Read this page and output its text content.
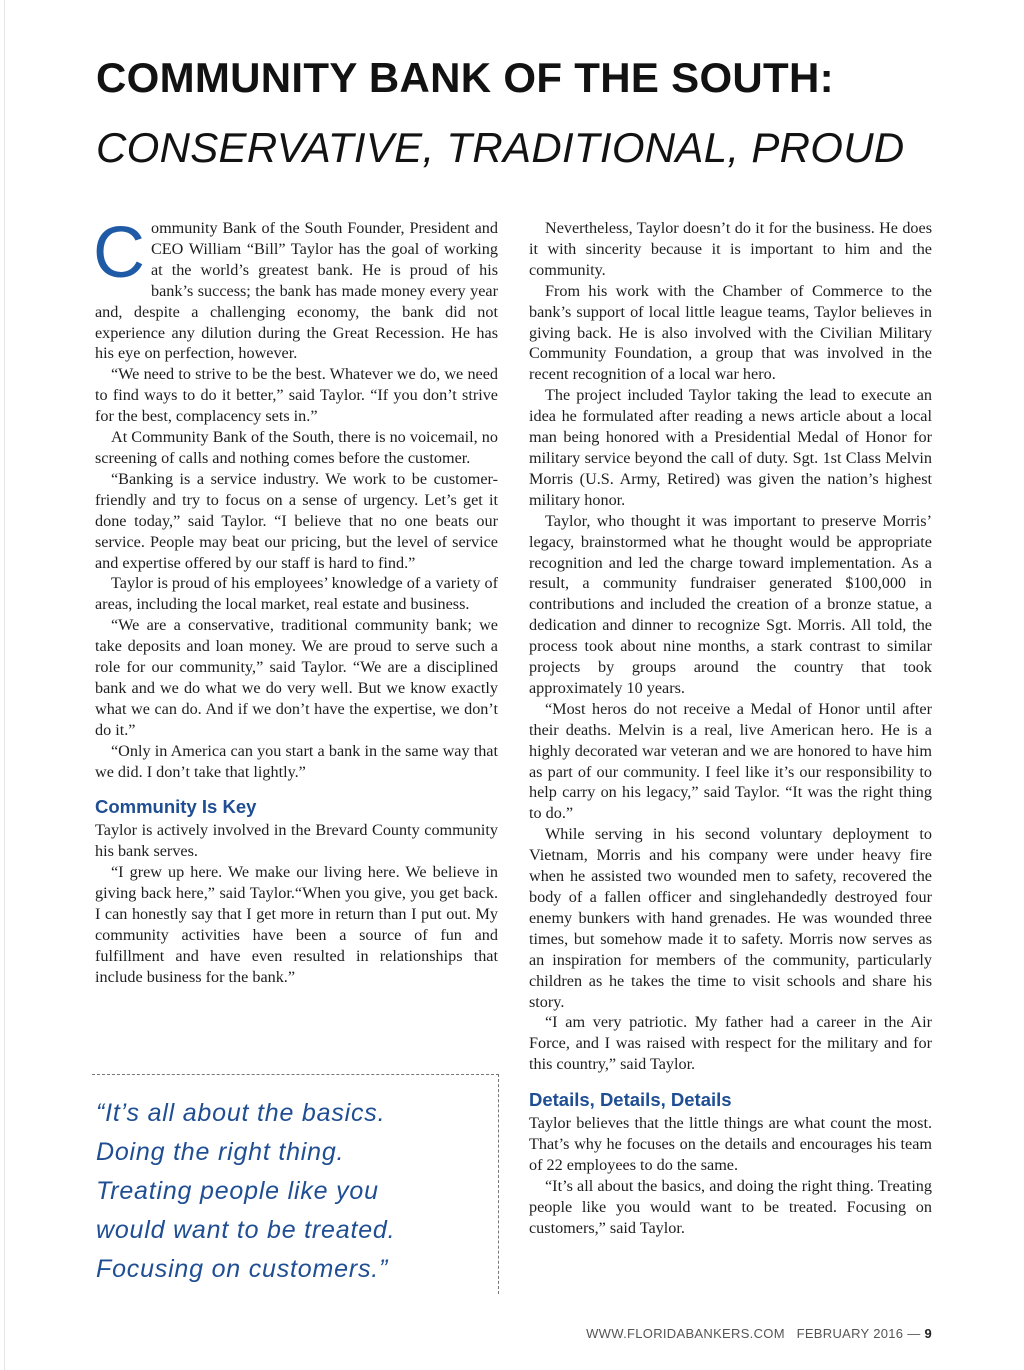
COMMUNITY BANK OF THE SOUTH:
CONSERVATIVE, TRADITIONAL, PROUD

Community Bank of the South Founder, President and CEO William “Bill” Taylor has the goal of working at the world’s greatest bank. He is proud of his bank’s success; the bank has made money every year and, despite a challenging economy, the bank did not experience any dilution during the Great Recession. He has his eye on perfection, however.

“We need to strive to be the best. Whatever we do, we need to find ways to do it better,” said Taylor. “If you don’t strive for the best, complacency sets in.”

At Community Bank of the South, there is no voicemail, no screening of calls and nothing comes before the customer.

“Banking is a service industry. We work to be customer-friendly and try to focus on a sense of urgency. Let’s get it done today,” said Taylor. “I believe that no one beats our service. People may beat our pricing, but the level of service and expertise offered by our staff is hard to find.”

Taylor is proud of his employees’ knowledge of a variety of areas, including the local market, real estate and business.

“We are a conservative, traditional community bank; we take deposits and loan money. We are proud to serve such a role for our community,” said Taylor. “We are a disciplined bank and we do what we do very well. But we know exactly what we can do. And if we don’t have the expertise, we don’t do it.”

“Only in America can you start a bank in the same way that we did. I don’t take that lightly.”

Community Is Key

Taylor is actively involved in the Brevard County community his bank serves.

“I grew up here. We make our living here. We believe in giving back here,” said Taylor.“When you give, you get back. I can honestly say that I get more in return than I put out. My community activities have been a source of fun and fulfillment and have even resulted in relationships that include business for the bank.”

“It’s all about the basics.
Doing the right thing.
Treating people like you
would want to be treated.
Focusing on customers.”

Nevertheless, Taylor doesn’t do it for the business. He does it with sincerity because it is important to him and the community.

From his work with the Chamber of Commerce to the bank’s support of local little league teams, Taylor believes in giving back. He is also involved with the Civilian Military Community Foundation, a group that was involved in the recent recognition of a local war hero.

The project included Taylor taking the lead to execute an idea he formulated after reading a news article about a local man being honored with a Presidential Medal of Honor for military service beyond the call of duty. Sgt. 1st Class Melvin Morris (U.S. Army, Retired) was given the nation’s highest military honor.

Taylor, who thought it was important to preserve Morris’ legacy, brainstormed what he thought would be appropriate recognition and led the charge toward implementation. As a result, a community fundraiser generated $100,000 in contributions and included the creation of a bronze statue, a dedication and dinner to recognize Sgt. Morris. All told, the process took about nine months, a stark contrast to similar projects by groups around the country that took approximately 10 years.

“Most heros do not receive a Medal of Honor until after their deaths. Melvin is a real, live American hero. He is a highly decorated war veteran and we are honored to have him as part of our community. I feel like it’s our responsibility to help carry on his legacy,” said Taylor. “It was the right thing to do.”

While serving in his second voluntary deployment to Vietnam, Morris and his company were under heavy fire when he assisted two wounded men to safety, recovered the body of a fallen officer and singlehandedly destroyed four enemy bunkers with hand grenades. He was wounded three times, but somehow made it to safety. Morris now serves as an inspiration for members of the community, particularly children as he takes the time to visit schools and share his story.

“I am very patriotic. My father had a career in the Air Force, and I was raised with respect for the military and for this country,” said Taylor.

Details, Details, Details

Taylor believes that the little things are what count the most. That’s why he focuses on the details and encourages his team of 22 employees to do the same.

“It’s all about the basics, and doing the right thing. Treating people like you would want to be treated. Focusing on customers,” said Taylor.

WWW.FLORIDABANKERS.COM FEBRUARY 2016 — 9
